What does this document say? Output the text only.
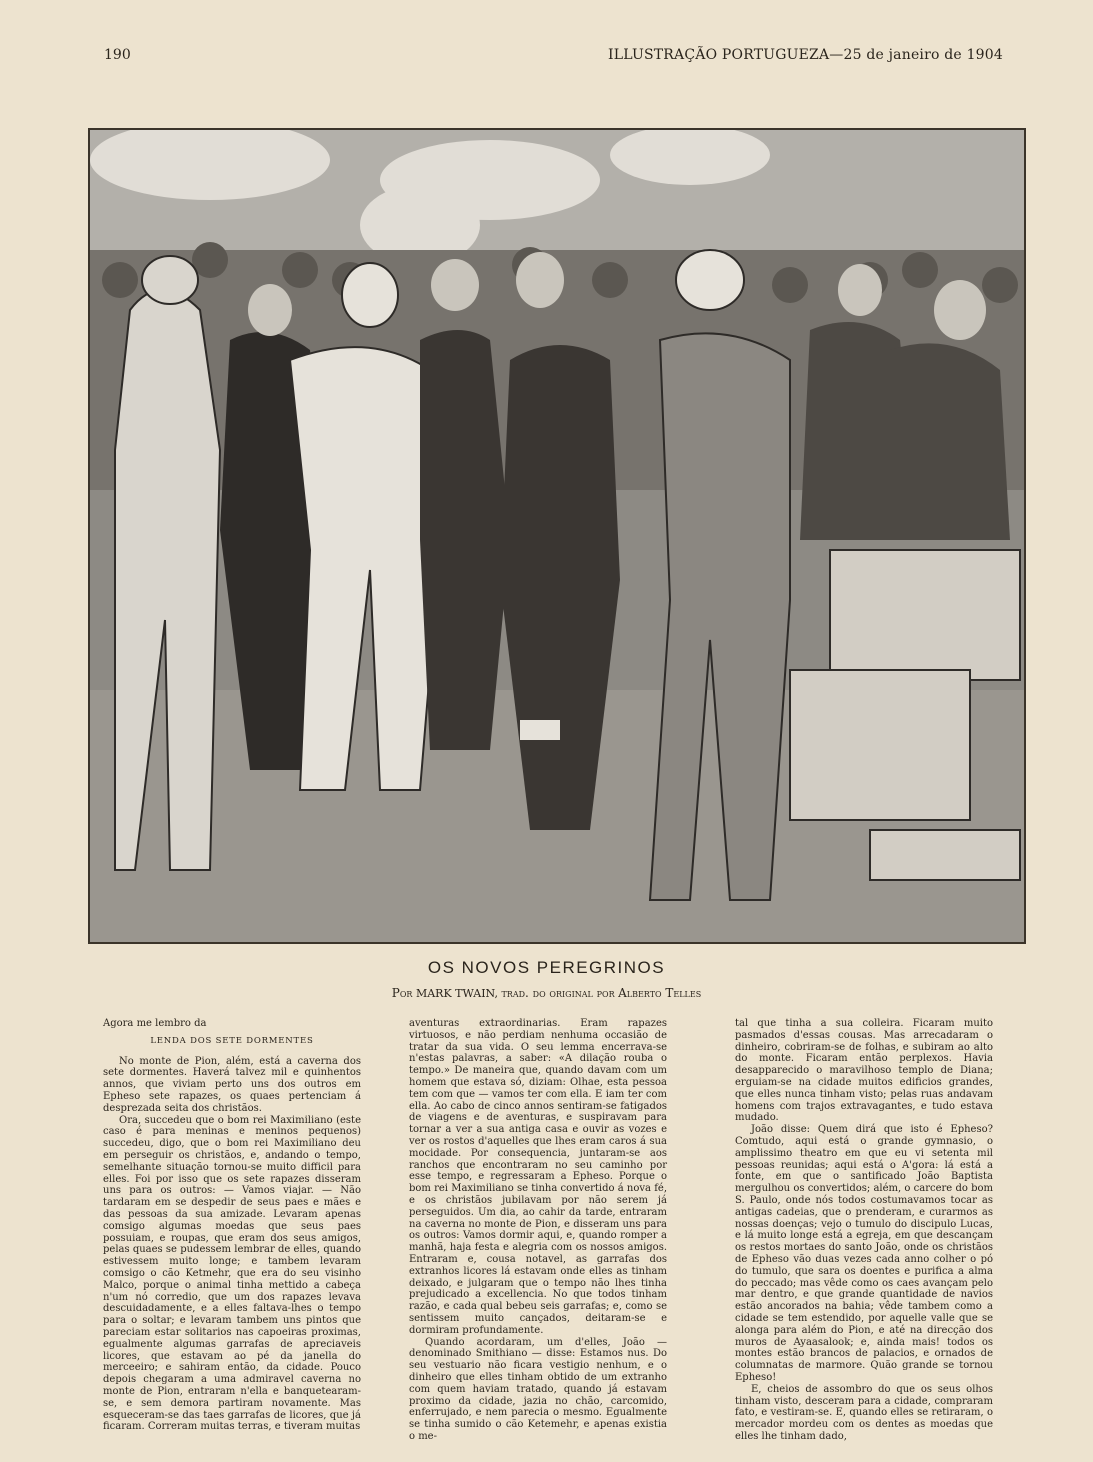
190	ILLUSTRAÇÃO PORTUGUEZA—25 de janeiro de 1904
OS NOVOS PEREGRINOS
Por MARK TWAIN, trad. do original por Alberto Telles

Agora me lembro da

LENDA DOS SETE DORMENTES

No monte de Pion, além, está a caverna dos sete dormentes. Haverá talvez mil e quinhentos annos, que viviam perto uns dos outros em Epheso sete rapazes, os quaes pertenciam á desprezada seita dos christãos.

Ora, succedeu que o bom rei Maximiliano (este caso é para meninas e meninos pequenos) succedeu, digo, que o bom rei Maximiliano deu em perseguir os christãos, e, andando o tempo, semelhante situação tornou-se muito difficil para elles. Foi por isso que os sete rapazes disseram uns para os outros: — Vamos viajar. — Não tardaram em se despedir de seus paes e mães e das pessoas da sua amizade. Levaram apenas comsigo algumas moedas que seus paes possuiam, e roupas, que eram dos seus amigos, pelas quaes se pudessem lembrar de elles, quando estivessem muito longe; e tambem levaram comsigo o cão Ketmehr, que era do seu visinho Malco, porque o animal tinha mettido a cabeça n'um nó corredio, que um dos rapazes levava descuidadamente, e a elles faltava-lhes o tempo para o soltar; e levaram tambem uns pintos que pareciam estar solitarios nas capoeiras proximas, egualmente algumas garrafas de apreciaveis licores, que estavam ao pé da janella do merceeiro; e sahiram então, da cidade. Pouco depois chegaram a uma admiravel caverna no monte de Pion, entraram n'ella e banquetearam-se, e sem demora partiram novamente. Mas esqueceram-se das taes garrafas de licores, que já ficaram. Correram muitas terras, e tiveram muitas

aventuras extraordinarias. Eram rapazes virtuosos, e não perdiam nenhuma occasião de tratar da sua vida. O seu lemma encerrava-se n'estas palavras, a saber: «A dilação rouba o tempo.» De maneira que, quando davam com um homem que estava só, diziam: Olhae, esta pessoa tem com que — vamos ter com ella. E iam ter com ella. Ao cabo de cinco annos sentiram-se fatigados de viagens e de aventuras, e suspiravam para tornar a ver a sua antiga casa e ouvir as vozes e ver os rostos d'aquelles que lhes eram caros á sua mocidade. Por consequencia, juntaram-se aos ranchos que encontraram no seu caminho por esse tempo, e regressaram a Epheso. Porque o bom rei Maximiliano se tinha convertido á nova fé, e os christãos jubilavam por não serem já perseguidos. Um dia, ao cahir da tarde, entraram na caverna no monte de Pion, e disseram uns para os outros: Vamos dormir aqui, e, quando romper a manhã, haja festa e alegria com os nossos amigos. Entraram e, cousa notavel, as garrafas dos extranhos licores lá estavam onde elles as tinham deixado, e julgaram que o tempo não lhes tinha prejudicado a excellencia. No que todos tinham razão, e cada qual bebeu seis garrafas; e, como se sentissem muito cançados, deitaram-se e dormiram profundamente.

Quando acordaram, um d'elles, João — denominado Smithiano — disse: Estamos nus. Do seu vestuario não ficara vestigio nenhum, e o dinheiro que elles tinham obtido de um extranho com quem haviam tratado, quando já estavam proximo da cidade, jazia no chão, carcomido, enferrujado, e nem parecia o mesmo. Egualmente se tinha sumido o cão Ketemehr, e apenas existia o me-

tal que tinha a sua colleira. Ficaram muito pasmados d'essas cousas. Mas arrecadaram o dinheiro, cobriram-se de folhas, e subiram ao alto do monte. Ficaram então perplexos. Havia desapparecido o maravilhoso templo de Diana; erguiam-se na cidade muitos edificios grandes, que elles nunca tinham visto; pelas ruas andavam homens com trajos extravagantes, e tudo estava mudado.

João disse: Quem dirá que isto é Epheso? Comtudo, aqui está o grande gymnasio, o amplissimo theatro em que eu vi setenta mil pessoas reunidas; aqui está o A'gora: lá está a fonte, em que o santificado João Baptista mergulhou os convertidos; além, o carcere do bom S. Paulo, onde nós todos costumavamos tocar as antigas cadeias, que o prenderam, e curarmos as nossas doenças; vejo o tumulo do discipulo Lucas, e lá muito longe está a egreja, em que descançam os restos mortaes do santo João, onde os christãos de Epheso vão duas vezes cada anno colher o pó do tumulo, que sara os doentes e purifica a alma do peccado; mas vêde como os caes avançam pelo mar dentro, e que grande quantidade de navios estão ancorados na bahia; vêde tambem como a cidade se tem estendido, por aquelle valle que se alonga para além do Pion, e até na direcção dos muros de Ayaasalook; e, ainda mais! todos os montes estão brancos de palacios, e ornados de columnatas de marmore. Quão grande se tornou Epheso!

E, cheios de assombro do que os seus olhos tinham visto, desceram para a cidade, compraram fato, e vestiram-se. E, quando elles se retiraram, o mercador mordeu com os dentes as moedas que elles lhe tinham dado,
